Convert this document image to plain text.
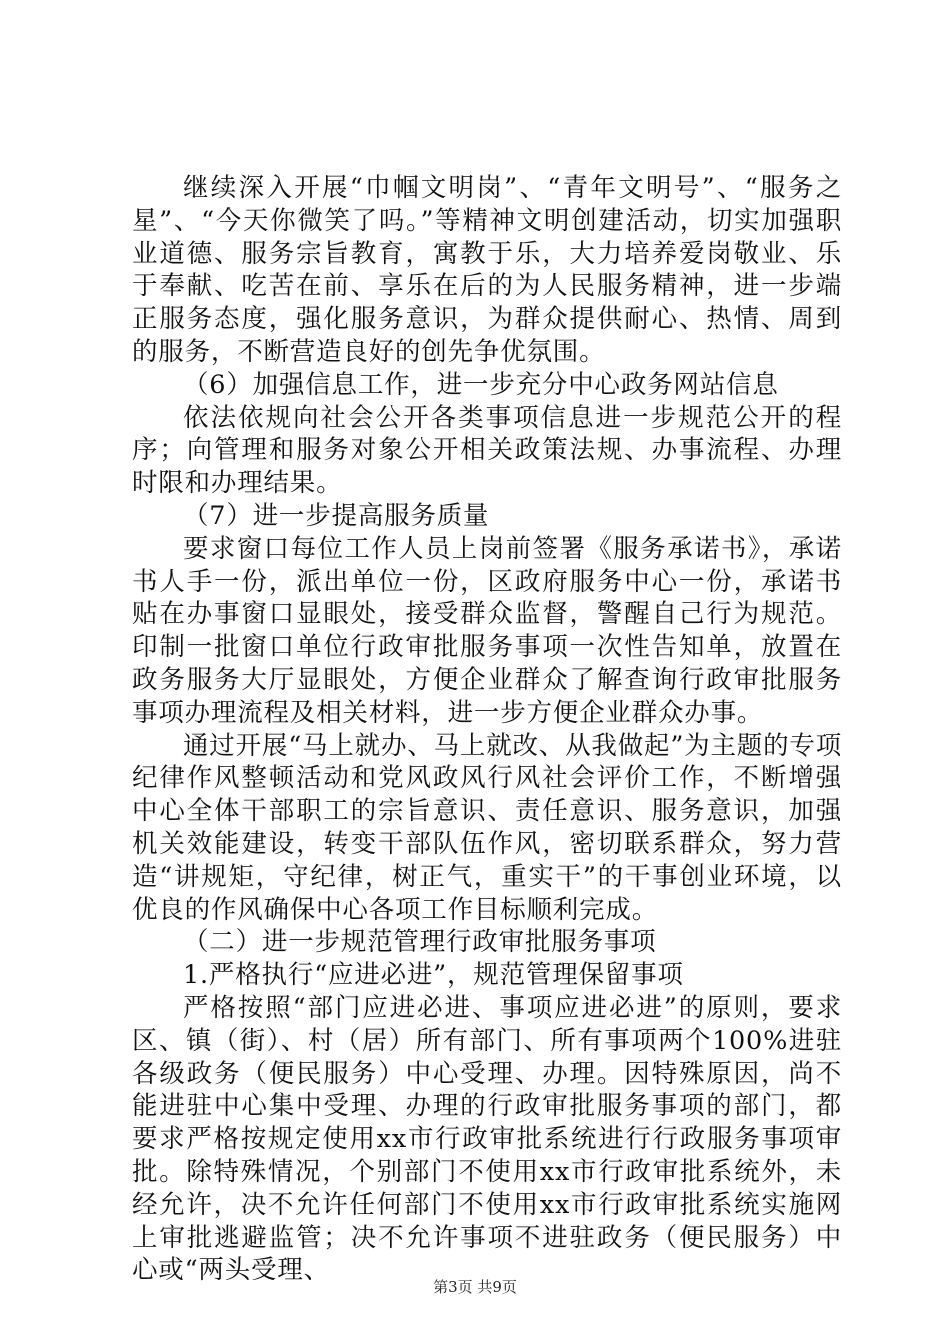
继续深入开展“巾帼文明岗”、“青年文明号”、“服务之星”、“今天你微笑了吗。”等精神文明创建活动，切实加强职业道德、服务宗旨教育，寓教于乐，大力培养爱岗敬业、乐于奉献、吃苦在前、享乐在后的为人民服务精神，进一步端正服务态度，强化服务意识，为群众提供耐心、热情、周到的服务，不断营造良好的创先争优氛围。

（6）加强信息工作，进一步充分中心政务网站信息

依法依规向社会公开各类事项信息进一步规范公开的程序；向管理和服务对象公开相关政策法规、办事流程、办理时限和办理结果。

（7）进一步提高服务质量

要求窗口每位工作人员上岗前签署《服务承诺书》，承诺书人手一份，派出单位一份，区政府服务中心一份，承诺书贴在办事窗口显眼处，接受群众监督，警醒自己行为规范。印制一批窗口单位行政审批服务事项一次性告知单，放置在政务服务大厅显眼处，方便企业群众了解查询行政审批服务事项办理流程及相关材料，进一步方便企业群众办事。

通过开展“马上就办、马上就改、从我做起”为主题的专项纪律作风整顿活动和党风政风行风社会评价工作，不断增强中心全体干部职工的宗旨意识、责任意识、服务意识，加强机关效能建设，转变干部队伍作风，密切联系群众，努力营造“讲规矩，守纪律，树正气，重实干”的干事创业环境，以优良的作风确保中心各项工作目标顺利完成。

（二）进一步规范管理行政审批服务事项

1.严格执行“应进必进”，规范管理保留事项

严格按照“部门应进必进、事项应进必进”的原则，要求区、镇（街）、村（居）所有部门、所有事项两个100%进驻各级政务（便民服务）中心受理、办理。因特殊原因，尚不能进驻中心集中受理、办理的行政审批服务事项的部门，都要求严格按规定使用xx市行政审批系统进行行政服务事项审批。除特殊情况，个别部门不使用xx市行政审批系统外，未经允许，决不允许任何部门不使用xx市行政审批系统实施网上审批逃避监管；决不允许事项不进驻政务（便民服务）中心或“两头受理、

第3页 共9页
